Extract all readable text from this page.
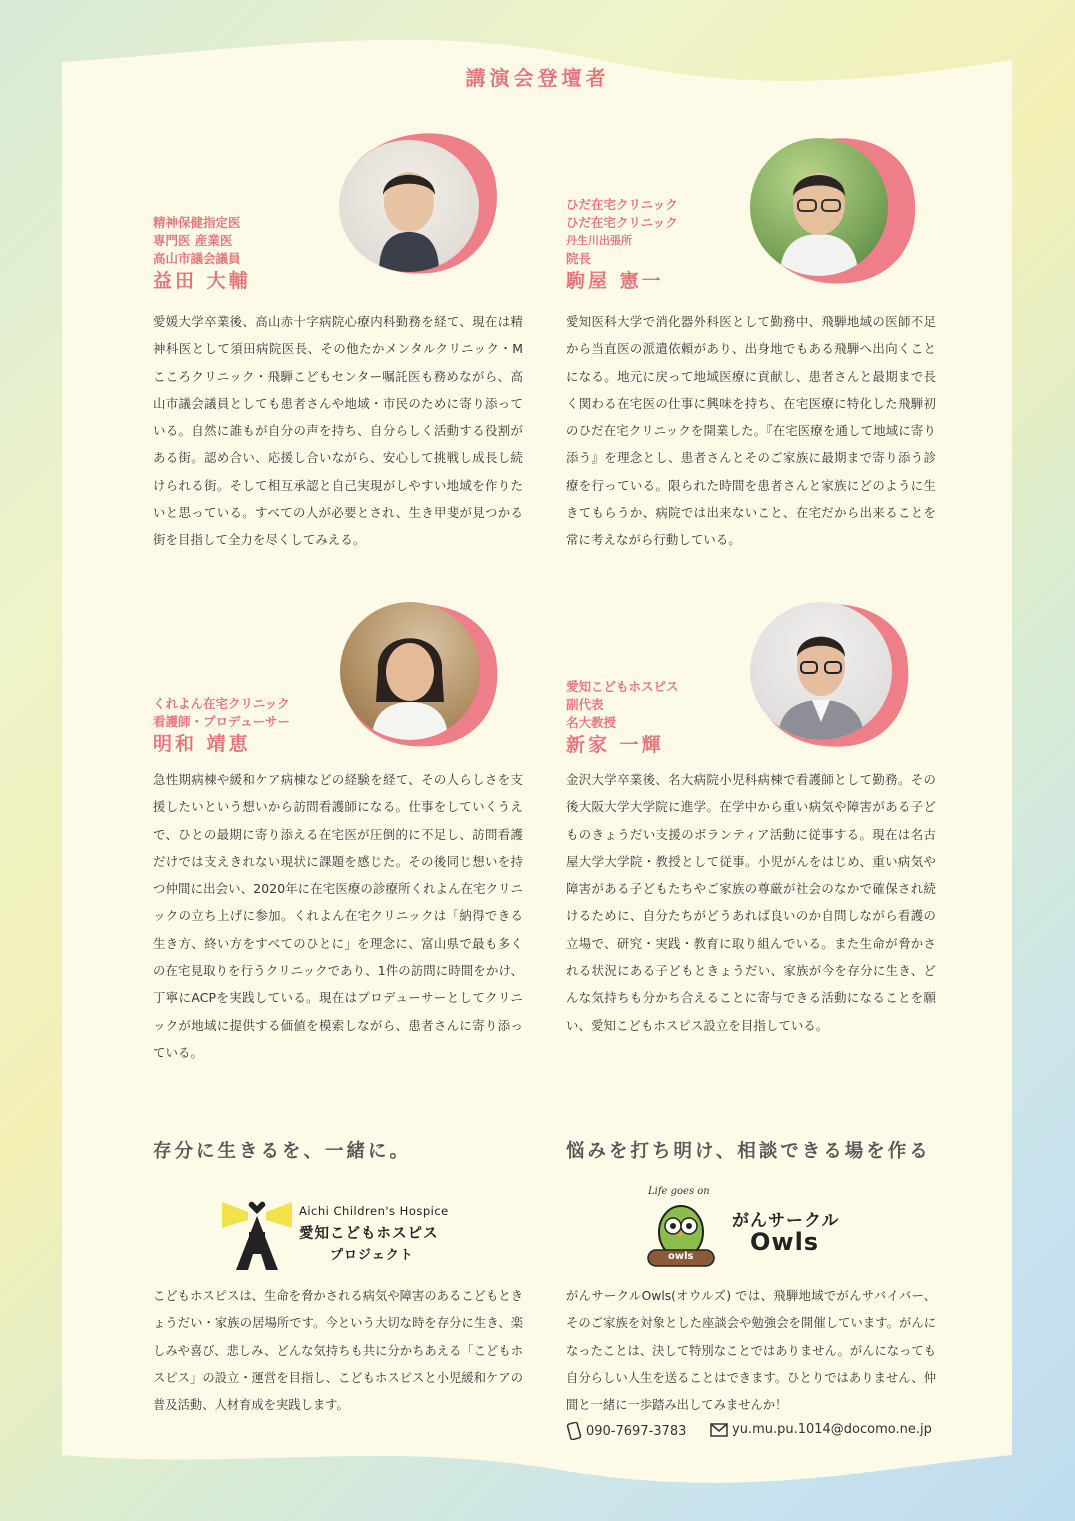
講演会登壇者
精神保健指定医
専門医 産業医
高山市議会議員
益田 大輔
愛媛大学卒業後、高山赤十字病院心療内科勤務を経て、現在は精神科医として須田病院医長、その他たかメンタルクリニック・Mこころクリニック・飛騨こどもセンター嘱託医も務めながら、高山市議会議員としても患者さんや地域・市民のために寄り添っている。自然に誰もが自分の声を持ち、自分らしく活動する役割がある街。認め合い、応援し合いながら、安心して挑戦し成長し続けられる街。そして相互承認と自己実現がしやすい地域を作りたいと思っている。すべての人が必要とされ、生き甲斐が見つかる街を目指して全力を尽くしてみえる。
ひだ在宅クリニック
ひだ在宅クリニック
丹生川出張所
院長
駒屋 憲一
愛知医科大学で消化器外科医として勤務中、飛騨地域の医師不足から当直医の派遣依頼があり、出身地でもある飛騨へ出向くことになる。地元に戻って地域医療に貢献し、患者さんと最期まで長く関わる在宅医の仕事に興味を持ち、在宅医療に特化した飛騨初のひだ在宅クリニックを開業した。『在宅医療を通して地域に寄り添う』を理念とし、患者さんとそのご家族に最期まで寄り添う診療を行っている。限られた時間を患者さんと家族にどのように生きてもらうか、病院では出来ないこと、在宅だから出来ることを常に考えながら行動している。
くれよん在宅クリニック
看護師・プロデューサー
明和 靖恵
急性期病棟や緩和ケア病棟などの経験を経て、その人らしさを支援したいという想いから訪問看護師になる。仕事をしていくうえで、ひとの最期に寄り添える在宅医が圧倒的に不足し、訪問看護だけでは支えきれない現状に課題を感じた。その後同じ想いを持つ仲間に出会い、2020年に在宅医療の診療所くれよん在宅クリニックの立ち上げに参加。くれよん在宅クリニックは「納得できる生き方、終い方をすべてのひとに」を理念に、富山県で最も多くの在宅見取りを行うクリニックであり、1件の訪問に時間をかけ、丁寧にACPを実践している。現在はプロデューサーとしてクリニックが地域に提供する価値を模索しながら、患者さんに寄り添っている。
愛知こどもホスピス
副代表
名大教授
新家 一輝
金沢大学卒業後、名大病院小児科病棟で看護師として勤務。その後大阪大学大学院に進学。在学中から重い病気や障害がある子どものきょうだい支援のボランティア活動に従事する。現在は名古屋大学大学院・教授として従事。小児がんをはじめ、重い病気や障害がある子どもたちやご家族の尊厳が社会のなかで確保され続けるために、自分たちがどうあれば良いのか自問しながら看護の立場で、研究・実践・教育に取り組んでいる。また生命が脅かされる状況にある子どもときょうだい、家族が今を存分に生き、どんな気持ちも分かち合えることに寄与できる活動になることを願い、愛知こどもホスピス設立を目指している。
存分に生きるを、一緒に。
Aichi Children's Hospice
愛知こどもホスピス
プロジェクト
こどもホスピスは、生命を脅かされる病気や障害のあるこどもときょうだい・家族の居場所です。今という大切な時を存分に生き、楽しみや喜び、悲しみ、どんな気持ちも共に分かちあえる「こどもホスピス」の設立・運営を目指し、こどもホスピスと小児緩和ケアの普及活動、人材育成を実践します。
悩みを打ち明け、相談できる場を作る
Life goes on
owls
がんサークル
Owls
がんサークルOwls(オウルズ) では、飛騨地域でがんサバイバー、そのご家族を対象とした座談会や勉強会を開催しています。がんになったことは、決して特別なことではありません。がんになっても自分らしい人生を送ることはできます。ひとりではありません、仲間と一緒に一歩踏み出してみませんか！
090-7697-3783	yu.mu.pu.1014@docomo.ne.jp
